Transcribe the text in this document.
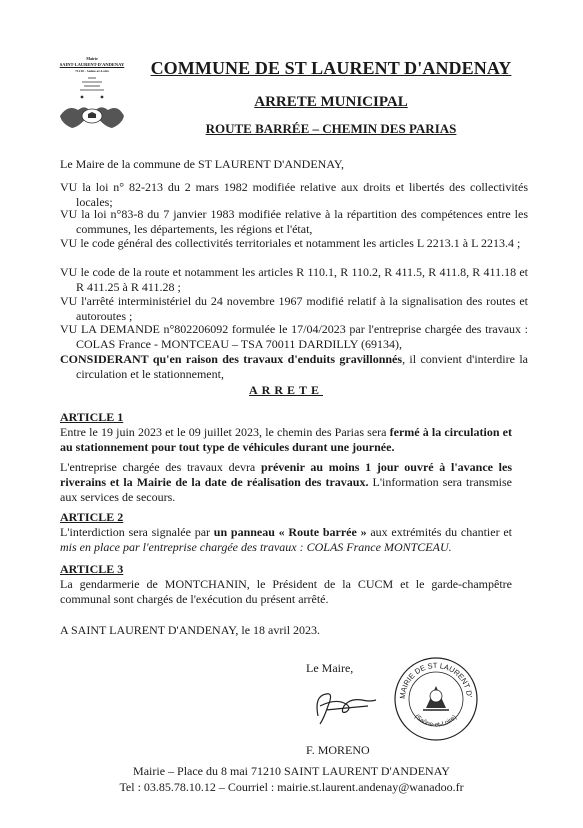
Mairie
SAINT-LAURENT-D'ANDENAY
71210 - Saône-et-Loire	COMMUNE DE ST LAURENT D'ANDENAY
ARRETE MUNICIPAL
ROUTE BARRÉE – CHEMIN DES PARIAS
Le Maire de la commune de ST LAURENT D'ANDENAY,
VU la loi n° 82-213 du 2 mars 1982 modifiée relative aux droits et libertés des collectivités locales;
VU la loi n°83-8 du 7 janvier 1983 modifiée relative à la répartition des compétences entre les communes, les départements, les régions et l'état,
VU le code général des collectivités territoriales et notamment les articles L 2213.1 à L 2213.4 ;
VU le code de la route et notamment les articles R 110.1, R 110.2, R 411.5, R 411.8, R 411.18 et R 411.25 à R 411.28 ;
VU l'arrêté interministériel du 24 novembre 1967 modifié relatif à la signalisation des routes et autoroutes ;
VU LA DEMANDE n°802206092 formulée le 17/04/2023 par l'entreprise chargée des travaux : COLAS France - MONTCEAU – TSA 70011 DARDILLY (69134),
CONSIDERANT qu'en raison des travaux d'enduits gravillonnés, il convient d'interdire la circulation et le stationnement,
ARRETE
ARTICLE 1
Entre le 19 juin 2023 et le 09 juillet 2023, le chemin des Parias sera fermé à la circulation et au stationnement pour tout type de véhicules durant une journée.
L'entreprise chargée des travaux devra prévenir au moins 1 jour ouvré à l'avance les riverains et la Mairie de la date de réalisation des travaux. L'information sera transmise aux services de secours.
ARTICLE 2
L'interdiction sera signalée par un panneau « Route barrée » aux extrémités du chantier et mis en place par l'entreprise chargée des travaux : COLAS France MONTCEAU.
ARTICLE 3
La gendarmerie de MONTCHANIN, le Président de la CUCM et le garde-champêtre communal sont chargés de l'exécution du présent arrêté.
A SAINT LAURENT D'ANDENAY, le 18 avril 2023.
Le Maire,
MAIRIE DE ST LAURENT D'
(Saône-et-Loire)
F. MORENO
Mairie – Place du 8 mai 71210 SAINT LAURENT D'ANDENAY
Tel : 03.85.78.10.12 – Courriel : mairie.st.laurent.andenay@wanadoo.fr
